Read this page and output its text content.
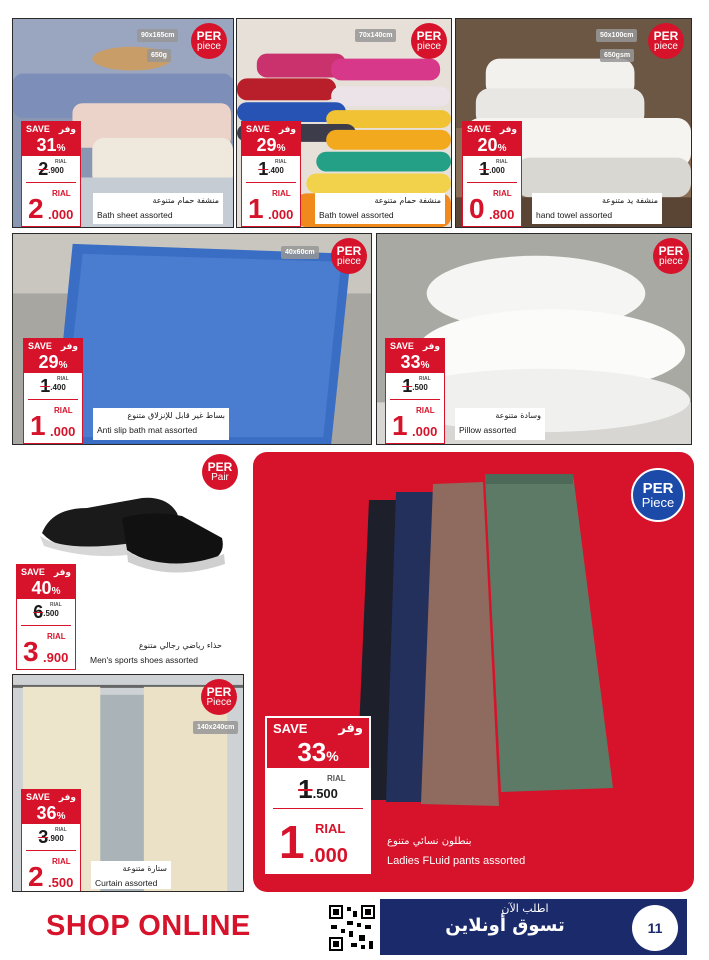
90x165cm
650g
PER
piece
SAVE وفر
31%
2.900
RIAL
2 RIAL
.000
منشفة حمام متنوعة
Bath sheet assorted
70x140cm	PER
piece
SAVE وفر
29%
1.400
RIAL
1 RIAL
.000
منشفة حمام متنوعة
Bath towel assorted
50x100cm
650gsm
PER
piece
SAVE وفر
20%
1.000
RIAL
0 RIAL
.800
منشفة يد متنوعة
hand towel assorted
40x60cm	PER
piece
SAVE وفر
29%
1.400
RIAL
1 RIAL
.000
بساط غير قابل للإنزلاق متنوع
Anti slip bath mat assorted
PER
piece
SAVE وفر
33%
1.500
RIAL
1 RIAL
.000
وسادة متنوعة
Pillow assorted
PER
Pair
SAVE وفر
40%
6.500
RIAL
3 RIAL
.900
حذاء رياضي رجالي متنوع
Men's sports shoes assorted
140x240cm
PER
Piece
SAVE وفر
36%
3.900
RIAL
2 RIAL
.500
ستارة متنوعة
Curtain assorted
PER
Piece
SAVE وفر
33%
1.500
RIAL
1 RIAL
.000
بنطلون نسائي متنوع
Ladies FLuid pants assorted
SHOP ONLINE
اطلب الآن
تسوق أونلاين	11
